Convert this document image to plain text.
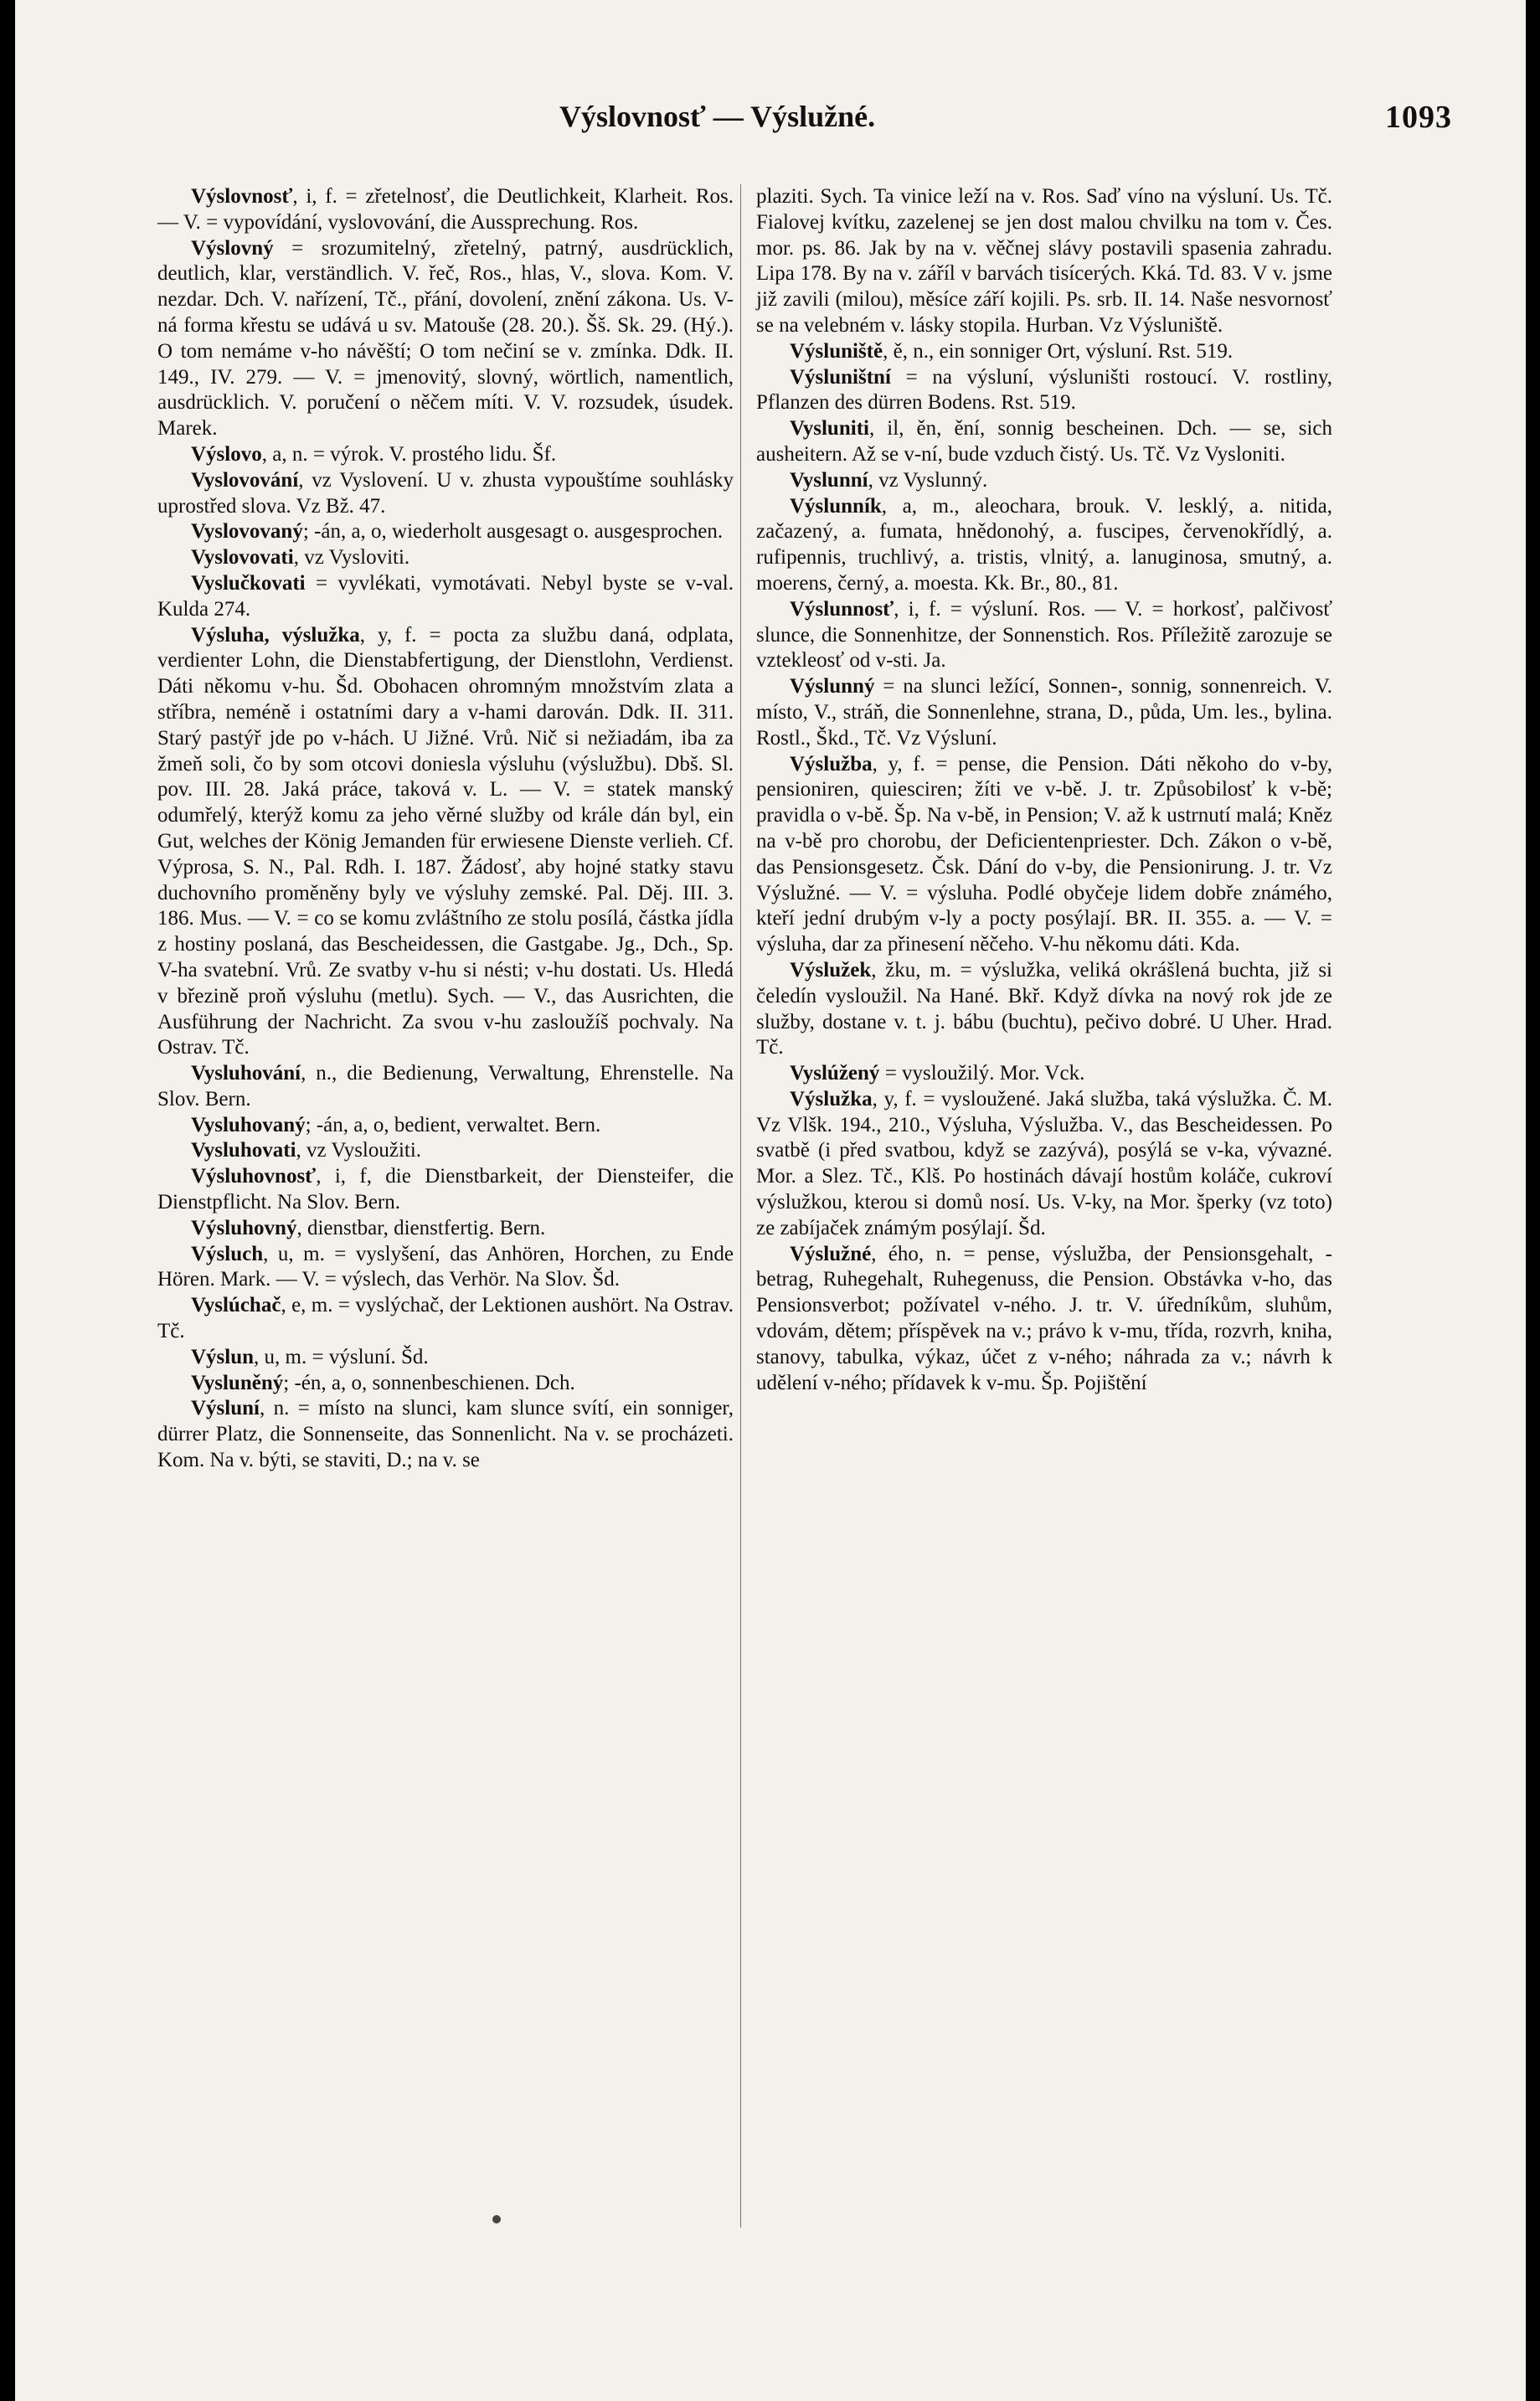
Výslovnosť — Výslužné.	1093

Výslovnosť, i, f. = zřetelnosť, die Deutlichkeit, Klarheit. Ros. — V. = vypovídání, vyslovování, die Aussprechung. Ros.

Výslovný = srozumitelný, zřetelný, patrný, ausdrücklich, deutlich, klar, verständlich. V. řeč, Ros., hlas, V., slova. Kom. V. nezdar. Dch. V. nařízení, Tč., přání, dovolení, znění zákona. Us. V-ná forma křestu se udává u sv. Matouše (28. 20.). Šš. Sk. 29. (Hý.). O tom nemáme v-ho návěští; O tom nečiní se v. zmínka. Ddk. II. 149., IV. 279. — V. = jmenovitý, slovný, wörtlich, namentlich, ausdrücklich. V. poručení o něčem míti. V. V. rozsudek, úsudek. Marek.

Výslovo, a, n. = výrok. V. prostého lidu. Šf.

Vyslovování, vz Vyslovení. U v. zhusta vypouštíme souhlásky uprostřed slova. Vz Bž. 47.

Vyslovovaný; -án, a, o, wiederholt ausgesagt o. ausgesprochen.

Vyslovovati, vz Vysloviti.

Vyslučkovati = vyvlékati, vymotávati. Nebyl byste se v-val. Kulda 274.

Výsluha, výslužka, y, f. = pocta za službu daná, odplata, verdienter Lohn, die Dienstabfertigung, der Dienstlohn, Verdienst. Dáti někomu v-hu. Šd. Obohacen ohromným množstvím zlata a stříbra, neméně i ostatními dary a v-hami darován. Ddk. II. 311. Starý pastýř jde po v-hách. U Jižné. Vrů. Nič si nežiadám, iba za žmeň soli, čo by som otcovi doniesla výsluhu (výslužbu). Dbš. Sl. pov. III. 28. Jaká práce, taková v. L. — V. = statek manský odumřelý, kterýž komu za jeho věrné služby od krále dán byl, ein Gut, welches der König Jemanden für erwiesene Dienste verlieh. Cf. Výprosa, S. N., Pal. Rdh. I. 187. Žádosť, aby hojné statky stavu duchovního proměněny byly ve výsluhy zemské. Pal. Děj. III. 3. 186. Mus. — V. = co se komu zvláštního ze stolu posílá, částka jídla z hostiny poslaná, das Bescheidessen, die Gastgabe. Jg., Dch., Sp. V-ha svatební. Vrů. Ze svatby v-hu si nésti; v-hu dostati. Us. Hledá v březině proň výsluhu (metlu). Sych. — V., das Ausrichten, die Ausführung der Nachricht. Za svou v-hu zasloužíš pochvaly. Na Ostrav. Tč.

Vysluhování, n., die Bedienung, Verwaltung, Ehrenstelle. Na Slov. Bern.

Vysluhovaný; -án, a, o, bedient, verwaltet. Bern.

Vysluhovati, vz Vysloužiti.

Výsluhovnosť, i, f, die Dienstbarkeit, der Diensteifer, die Dienstpflicht. Na Slov. Bern.

Výsluhovný, dienstbar, dienstfertig. Bern.

Výsluch, u, m. = vyslyšení, das Anhören, Horchen, zu Ende Hören. Mark. — V. = výslech, das Verhör. Na Slov. Šd.

Vyslúchač, e, m. = vyslýchač, der Lektionen aushört. Na Ostrav. Tč.

Výslun, u, m. = výsluní. Šd.

Vysluněný; -én, a, o, sonnenbeschienen. Dch.

Výsluní, n. = místo na slunci, kam slunce svítí, ein sonniger, dürrer Platz, die Sonnenseite, das Sonnenlicht. Na v. se procházeti. Kom. Na v. býti, se staviti, D.; na v. se

plaziti. Sych. Ta vinice leží na v. Ros. Saď víno na výsluní. Us. Tč. Fialovej kvítku, zazelenej se jen dost malou chvilku na tom v. Čes. mor. ps. 86. Jak by na v. věčnej slávy postavili spasenia zahradu. Lipa 178. By na v. záříl v barvách tisícerých. Kká. Td. 83. V v. jsme již zavili (milou), měsíce září kojili. Ps. srb. II. 14. Naše nesvornosť se na velebném v. lásky stopila. Hurban. Vz Výsluniště.

Výsluniště, ě, n., ein sonniger Ort, výsluní. Rst. 519.

Výsluništní = na výsluní, výsluništi rostoucí. V. rostliny, Pflanzen des dürren Bodens. Rst. 519.

Vysluniti, il, ěn, ění, sonnig bescheinen. Dch. — se, sich ausheitern. Až se v-ní, bude vzduch čistý. Us. Tč. Vz Vysloniti.

Vyslunní, vz Vyslunný.

Výslunník, a, m., aleochara, brouk. V. lesklý, a. nitida, začazený, a. fumata, hnědonohý, a. fuscipes, červenokřídlý, a. rufipennis, truchlivý, a. tristis, vlnitý, a. lanuginosa, smutný, a. moerens, černý, a. moesta. Kk. Br., 80., 81.

Výslunnosť, i, f. = výsluní. Ros. — V. = horkosť, palčivosť slunce, die Sonnenhitze, der Sonnenstich. Ros. Příležitě zarozuje se vztekleosť od v-sti. Ja.

Výslunný = na slunci ležící, Sonnen-, sonnig, sonnenreich. V. místo, V., stráň, die Sonnenlehne, strana, D., půda, Um. les., bylina. Rostl., Škd., Tč. Vz Výsluní.

Výslužba, y, f. = pense, die Pension. Dáti někoho do v-by, pensioniren, quiesciren; žíti ve v-bě. J. tr. Způsobilosť k v-bě; pravidla o v-bě. Šp. Na v-bě, in Pension; V. až k ustrnutí malá; Kněz na v-bě pro chorobu, der Deficientenpriester. Dch. Zákon o v-bě, das Pensionsgesetz. Čsk. Dání do v-by, die Pensionirung. J. tr. Vz Výslužné. — V. = výsluha. Podlé obyčeje lidem dobře známého, kteří jední drubým v-ly a pocty posýlají. BR. II. 355. a. — V. = výsluha, dar za přinesení něčeho. V-hu někomu dáti. Kda.

Výslužek, žku, m. = výslužka, veliká okrášlená buchta, již si čeledín vysloužil. Na Hané. Bkř. Když dívka na nový rok jde ze služby, dostane v. t. j. bábu (buchtu), pečivo dobré. U Uher. Hrad. Tč.

Vyslúžený = vysloužilý. Mor. Vck.

Výslužka, y, f. = vysloužené. Jaká služba, taká výslužka. Č. M. Vz Vlšk. 194., 210., Výsluha, Výslužba. V., das Bescheidessen. Po svatbě (i před svatbou, když se zazývá), posýlá se v-ka, vývazné. Mor. a Slez. Tč., Klš. Po hostinách dávají hostům koláče, cukroví výslužkou, kterou si domů nosí. Us. V-ky, na Mor. šperky (vz toto) ze zabíjaček známým posýlají. Šd.

Výslužné, ého, n. = pense, výslužba, der Pensionsgehalt, -betrag, Ruhegehalt, Ruhegenuss, die Pension. Obstávka v-ho, das Pensionsverbot; požívatel v-ného. J. tr. V. úředníkům, sluhům, vdovám, dětem; příspěvek na v.; právo k v-mu, třída, rozvrh, kniha, stanovy, tabulka, výkaz, účet z v-ného; náhrada za v.; návrh k udělení v-ného; přídavek k v-mu. Šp. Pojištění
